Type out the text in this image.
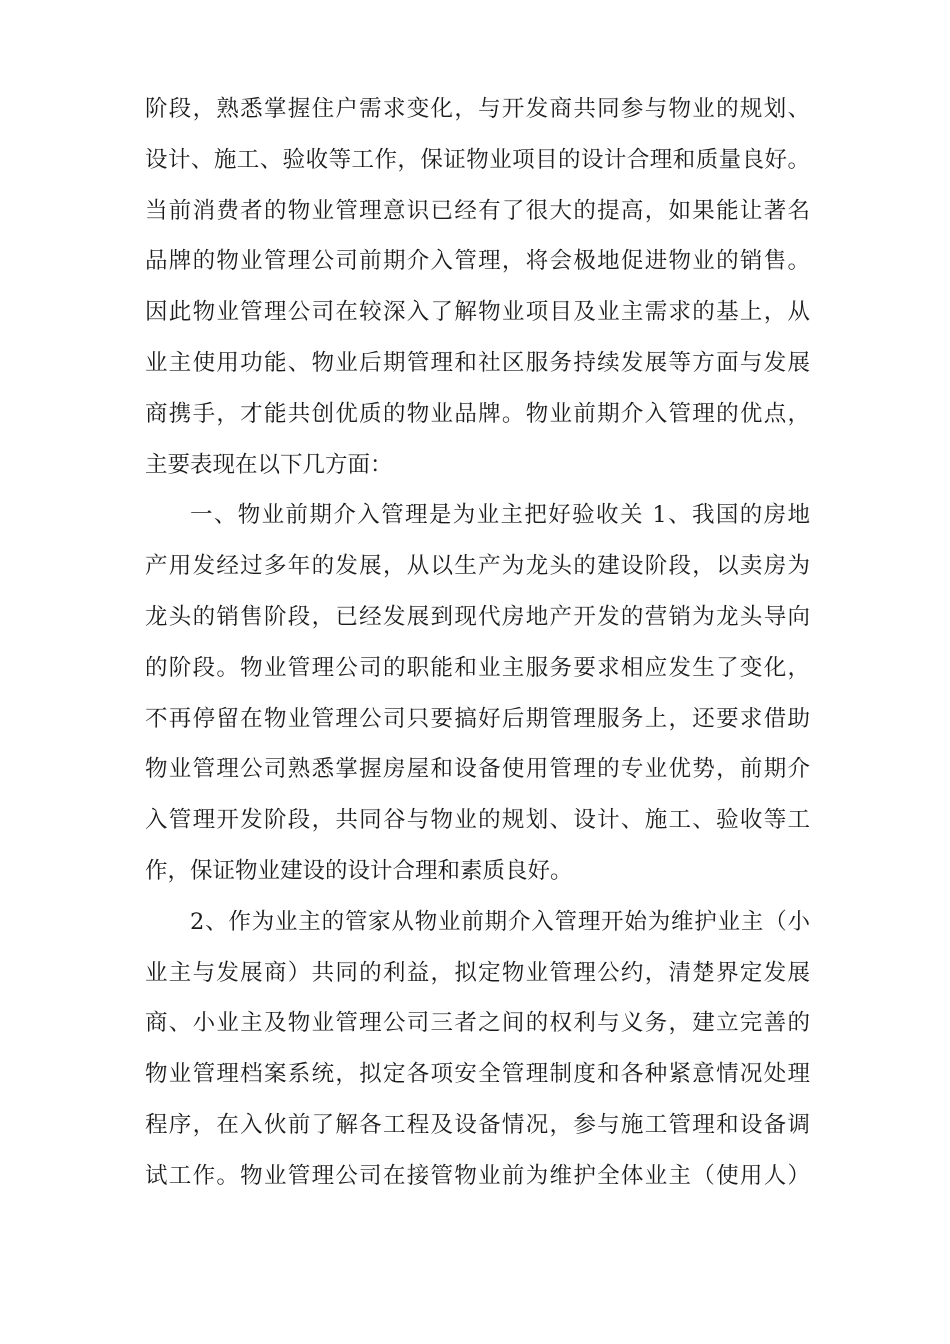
阶段，熟悉掌握住户需求变化，与开发商共同参与物业的规划、
设计、施工、验收等工作，保证物业项目的设计合理和质量良好。
当前消费者的物业管理意识已经有了很大的提高，如果能让著名
品牌的物业管理公司前期介入管理，将会极地促进物业的销售。
因此物业管理公司在较深入了解物业项目及业主需求的基上，从
业主使用功能、物业后期管理和社区服务持续发展等方面与发展
商携手，才能共创优质的物业品牌。物业前期介入管理的优点，
主要表现在以下几方面：
一、物业前期介入管理是为业主把好验收关 1、我国的房地
产用发经过多年的发展，从以生产为龙头的建设阶段，以卖房为
龙头的销售阶段，已经发展到现代房地产开发的营销为龙头导向
的阶段。物业管理公司的职能和业主服务要求相应发生了变化，
不再停留在物业管理公司只要搞好后期管理服务上，还要求借助
物业管理公司熟悉掌握房屋和设备使用管理的专业优势，前期介
入管理开发阶段，共同谷与物业的规划、设计、施工、验收等工
作，保证物业建设的设计合理和素质良好。
2、作为业主的管家从物业前期介入管理开始为维护业主（小
业主与发展商）共同的利益，拟定物业管理公约，清楚界定发展
商、小业主及物业管理公司三者之间的权利与义务，建立完善的
物业管理档案系统，拟定各项安全管理制度和各种紧意情况处理
程序，在入伙前了解各工程及设备情况，参与施工管理和设备调
试工作。物业管理公司在接管物业前为维护全体业主（使用人）
